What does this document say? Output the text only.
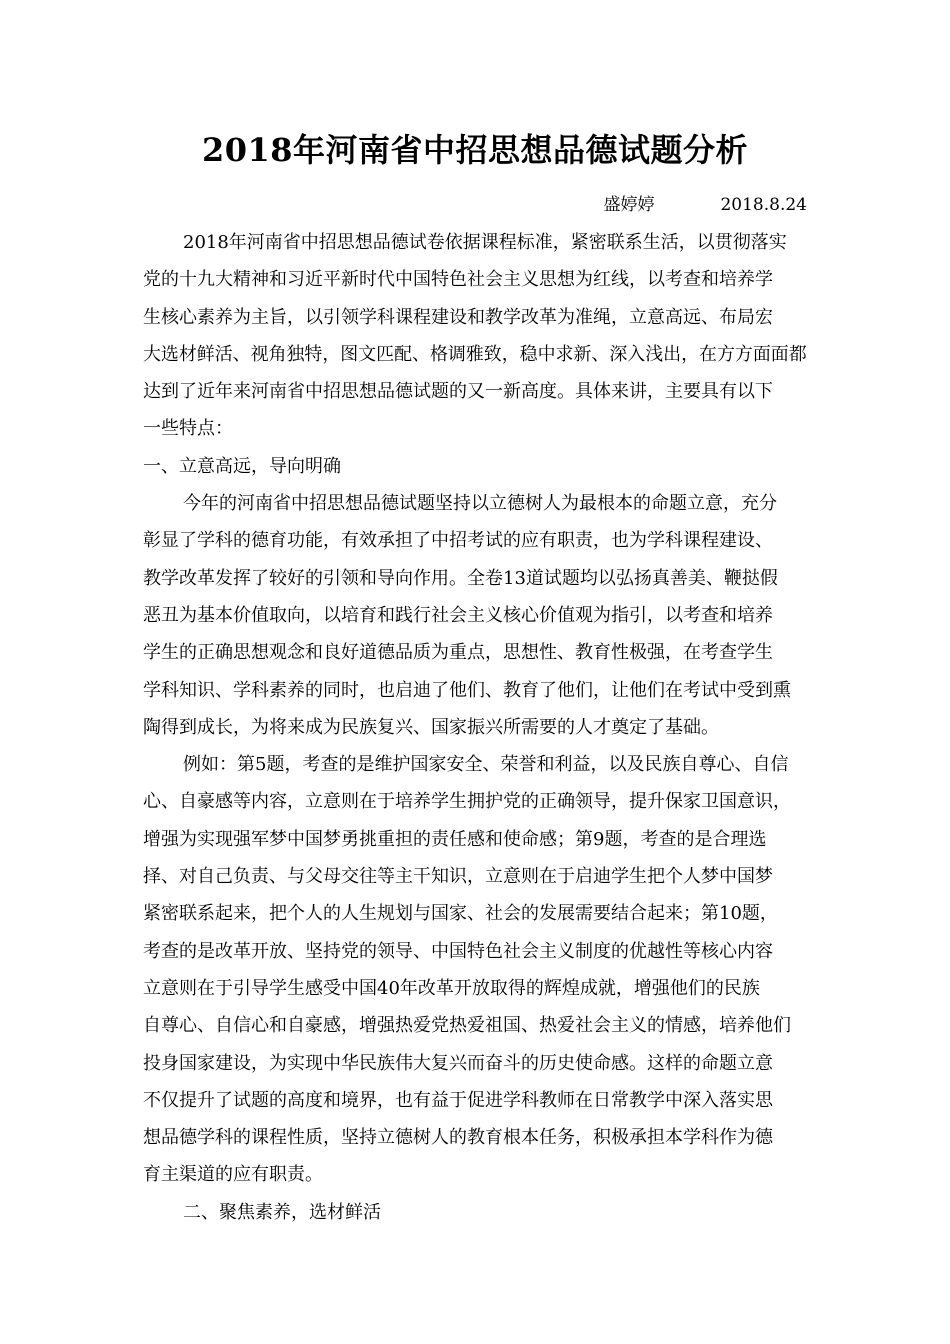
2018年河南省中招思想品德试题分析
盛婷婷	2018.8.24
2018年河南省中招思想品德试卷依据课程标准，紧密联系生活，以贯彻落实
党的十九大精神和习近平新时代中国特色社会主义思想为红线，以考查和培养学
生核心素养为主旨，以引领学科课程建设和教学改革为准绳，立意高远、布局宏
大选材鲜活、视角独特，图文匹配、格调雅致，稳中求新、深入浅出，在方方面面都
达到了近年来河南省中招思想品德试题的又一新高度。具体来讲，主要具有以下
一些特点：
一、立意高远，导向明确
今年的河南省中招思想品德试题坚持以立德树人为最根本的命题立意，充分
彰显了学科的德育功能，有效承担了中招考试的应有职责，也为学科课程建设、
教学改革发挥了较好的引领和导向作用。全卷13道试题均以弘扬真善美、鞭挞假
恶丑为基本价值取向，以培育和践行社会主义核心价值观为指引，以考查和培养
学生的正确思想观念和良好道德品质为重点，思想性、教育性极强，在考查学生
学科知识、学科素养的同时，也启迪了他们、教育了他们，让他们在考试中受到熏
陶得到成长，为将来成为民族复兴、国家振兴所需要的人才奠定了基础。
例如：第5题，考查的是维护国家安全、荣誉和利益，以及民族自尊心、自信
心、自豪感等内容，立意则在于培养学生拥护党的正确领导，提升保家卫国意识，
增强为实现强军梦中国梦勇挑重担的责任感和使命感；第9题，考查的是合理选
择、对自己负责、与父母交往等主干知识，立意则在于启迪学生把个人梦中国梦
紧密联系起来，把个人的人生规划与国家、社会的发展需要结合起来；第10题，
考查的是改革开放、坚持党的领导、中国特色社会主义制度的优越性等核心内容
立意则在于引导学生感受中国40年改革开放取得的辉煌成就，增强他们的民族
自尊心、自信心和自豪感，增强热爱党热爱祖国、热爱社会主义的情感，培养他们
投身国家建设，为实现中华民族伟大复兴而奋斗的历史使命感。这样的命题立意
不仅提升了试题的高度和境界，也有益于促进学科教师在日常教学中深入落实思
想品德学科的课程性质，坚持立德树人的教育根本任务，积极承担本学科作为德
育主渠道的应有职责。
二、聚焦素养，选材鲜活
